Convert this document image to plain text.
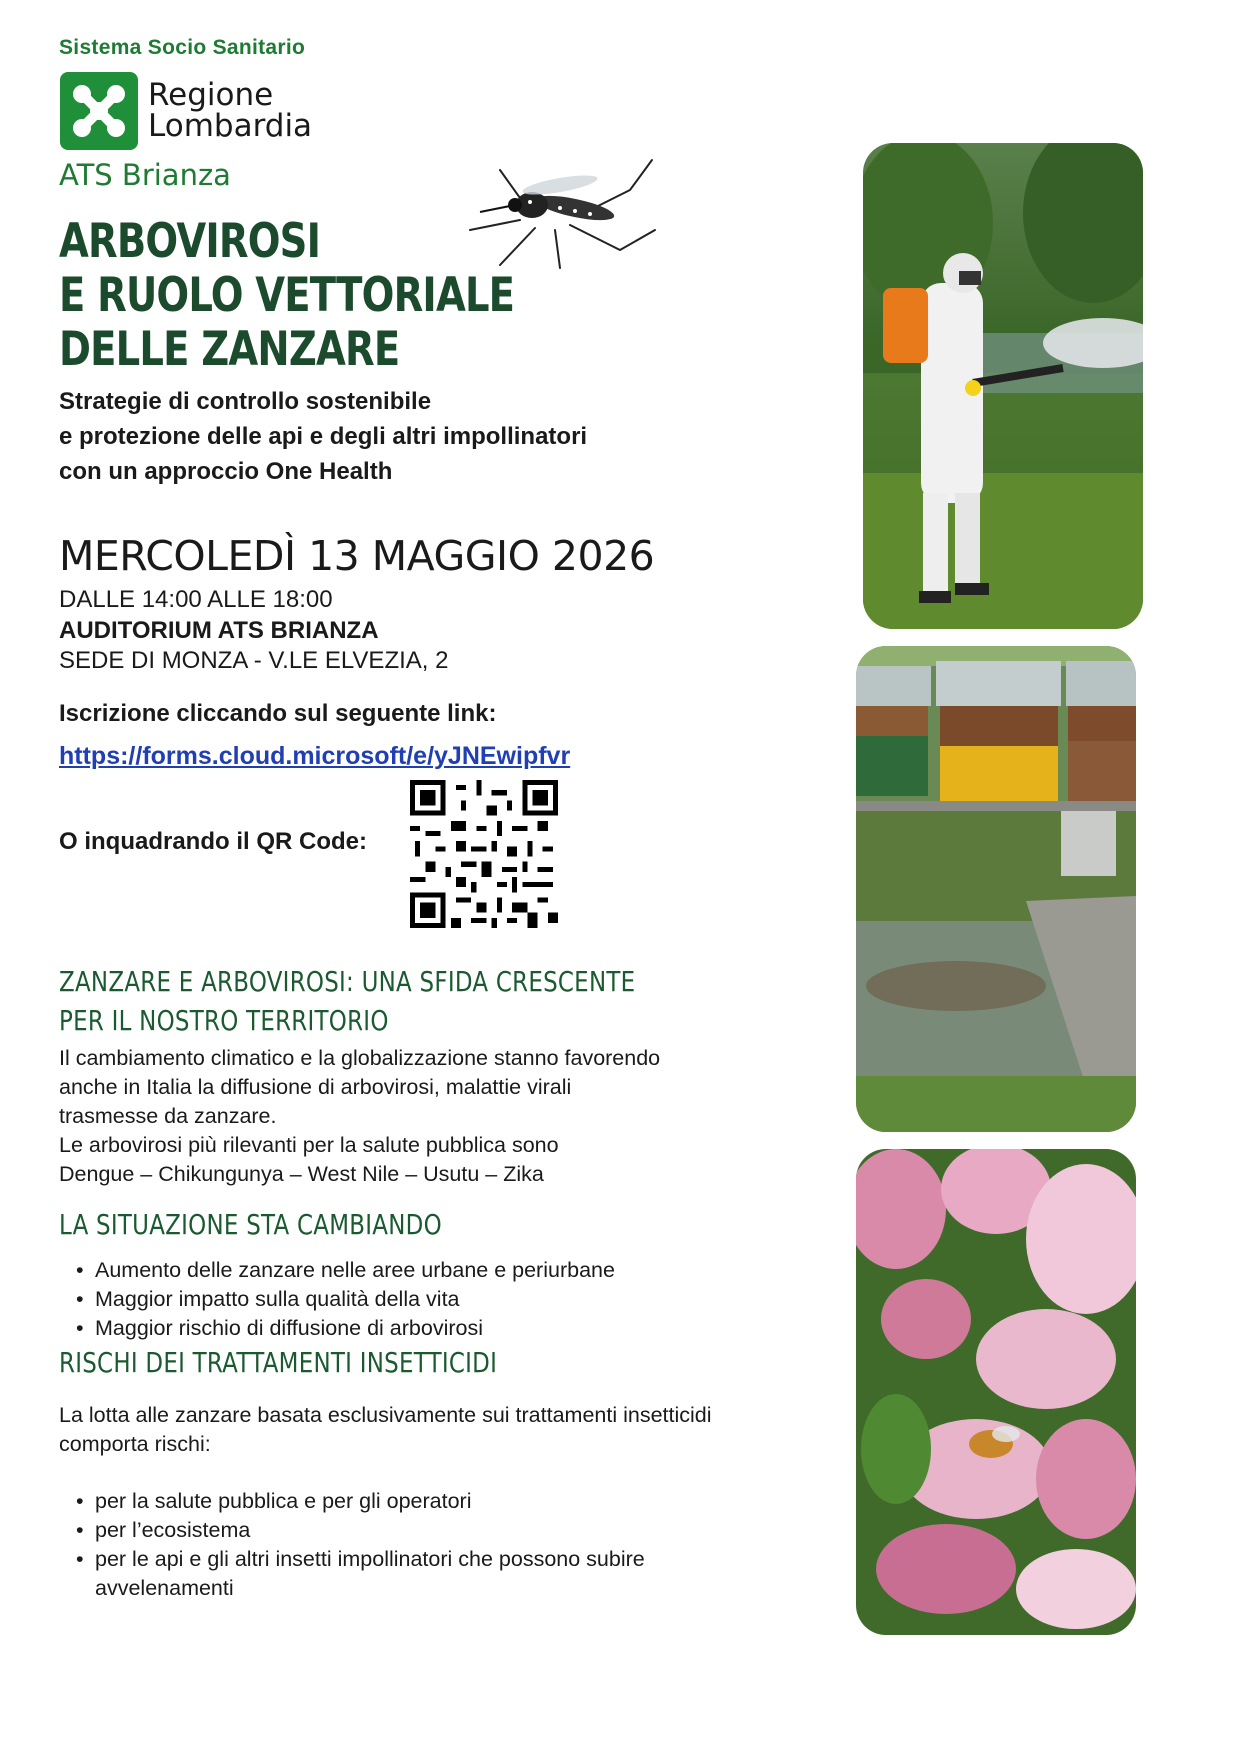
Sistema Socio Sanitario
Regione
Lombardia
ATS Brianza
ARBOVIROSI
E RUOLO VETTORIALE
DELLE ZANZARE
Strategie di controllo sostenibile
e protezione delle api e degli altri impollinatori
con un approccio One Health
MERCOLEDÌ 13 MAGGIO 2026
DALLE 14:00 ALLE 18:00
AUDITORIUM ATS BRIANZA
SEDE DI MONZA - V.LE ELVEZIA, 2
Iscrizione cliccando sul seguente link:
https://forms.cloud.microsoft/e/yJNEwipfvr
O inquadrando il QR Code:
ZANZARE E ARBOVIROSI: UNA SFIDA CRESCENTE
PER IL NOSTRO TERRITORIO
Il cambiamento climatico e la globalizzazione stanno favorendo
anche in Italia la diffusione di arbovirosi, malattie virali
trasmesse da zanzare.
Le arbovirosi più rilevanti per la salute pubblica sono
Dengue – Chikungunya – West Nile – Usutu – Zika
LA SITUAZIONE STA CAMBIANDO
• Aumento delle zanzare nelle aree urbane e periurbane
• Maggior impatto sulla qualità della vita
• Maggior rischio di diffusione di arbovirosi
RISCHI DEI TRATTAMENTI INSETTICIDI
La lotta alle zanzare basata esclusivamente sui trattamenti insetticidi
comporta rischi:
• per la salute pubblica e per gli operatori
• per l’ecosistema
• per le api e gli altri insetti impollinatori che possono subire
avvelenamenti
